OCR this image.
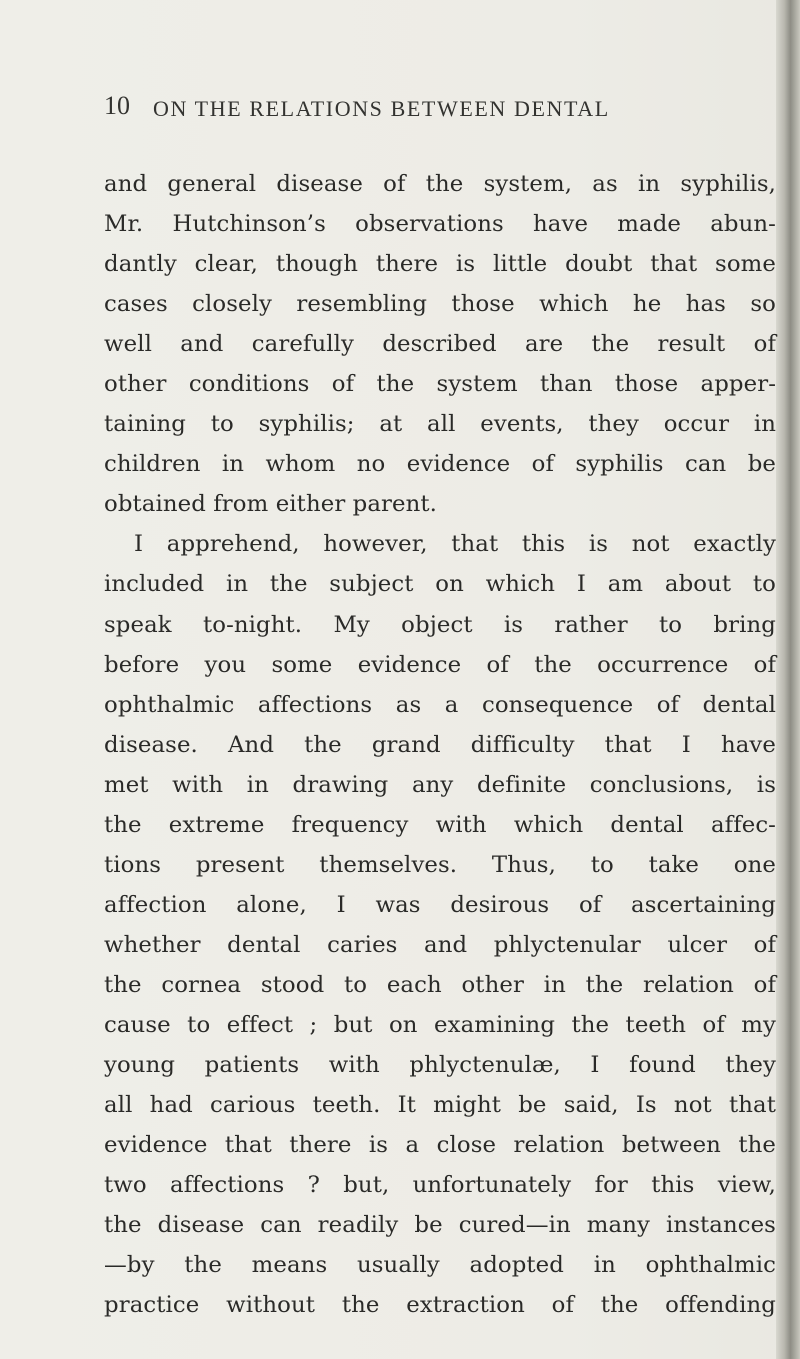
10 ON THE RELATIONS BETWEEN DENTAL
and general disease of the system, as in syphilis,
Mr. Hutchinson’s observations have made abun-
dantly clear, though there is little doubt that some
cases closely resembling those which he has so
well and carefully described are the result of
other conditions of the system than those apper-
taining to syphilis; at all events, they occur in
children in whom no evidence of syphilis can be
obtained from either parent.
I apprehend, however, that this is not exactly
included in the subject on which I am about to
speak to-night. My object is rather to bring
before you some evidence of the occurrence of
ophthalmic affections as a consequence of dental
disease. And the grand difficulty that I have
met with in drawing any definite conclusions, is
the extreme frequency with which dental affec-
tions present themselves. Thus, to take one
affection alone, I was desirous of ascertaining
whether dental caries and phlyctenular ulcer of
the cornea stood to each other in the relation of
cause to effect ; but on examining the teeth of my
young patients with phlyctenulæ, I found they
all had carious teeth. It might be said, Is not that
evidence that there is a close relation between the
two affections ? but, unfortunately for this view,
the disease can readily be cured—in many instances
—by the means usually adopted in ophthalmic
practice without the extraction of the offending
